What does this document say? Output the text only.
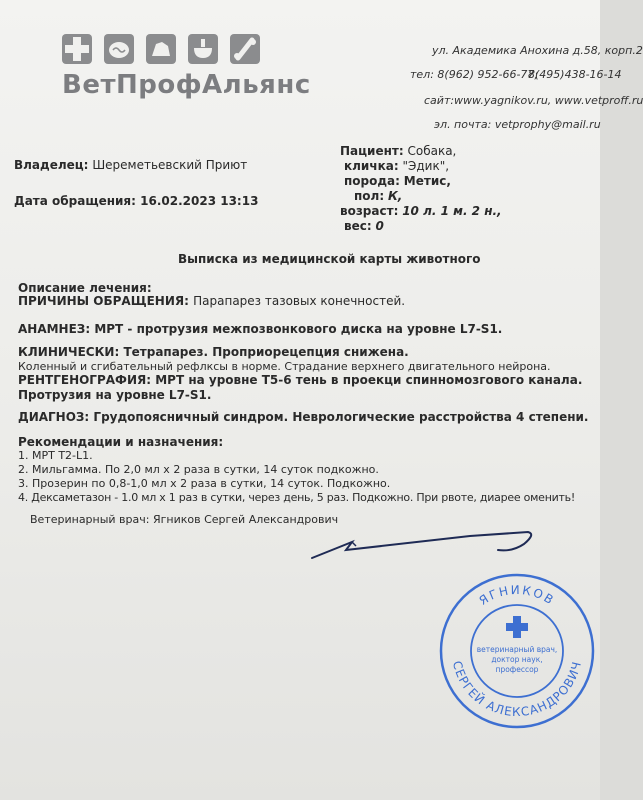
ВетПрофАльянс
ул. Академика Анохина д.58, корп.2
тел: 8(962) 952-66-77;
8(495)438-16-14
сайт:www.yagnikov.ru, www.vetproff.ru
эл. почта: vetprophy@mail.ru
Владелец: Шереметьевский Приют
Дата обращения: 16.02.2023 13:13
Пациент: Собака,
кличка: "Эдик",
порода: Метис,
пол: К,
возраст: 10 л. 1 м. 2 н.,
вес: 0
Выписка из медицинской карты животного
Описание лечения:
ПРИЧИНЫ ОБРАЩЕНИЯ: Парапарез тазовых конечностей.
АНАМНЕЗ: МРТ - протрузия межпозвонкового диска на уровне L7-S1.
КЛИНИЧЕСКИ: Тетрапарез. Проприорецепция снижена.
Коленный и сгибательный рефлксы в норме. Страдание верхнего двигательного нейрона.
РЕНТГЕНОГРАФИЯ: МРТ на уровне Т5-6 тень в проекци спинномозгового канала.
Протрузия на уровне L7-S1.
ДИАГНОЗ: Грудопоясничный синдром. Неврологические расстройства 4 степени.
Рекомендации и назначения:
1. МРТ Т2-L1.
2. Мильгамма. По 2,0 мл х 2 раза в сутки, 14 суток подкожно.
3. Прозерин по 0,8-1,0 мл х 2 раза в сутки, 14 суток. Подкожно.
4. Дексаметазон - 1.0 мл х 1 раз в сутки, через день, 5 раз. Подкожно. При рвоте, диарее оменить!
Ветеринарный врач: Ягников Сергей Александрович
ЯГНИКОВ
СЕРГЕЙ АЛЕКСАНДРОВИЧ
ветеринарный врач,
доктор наук,
профессор
